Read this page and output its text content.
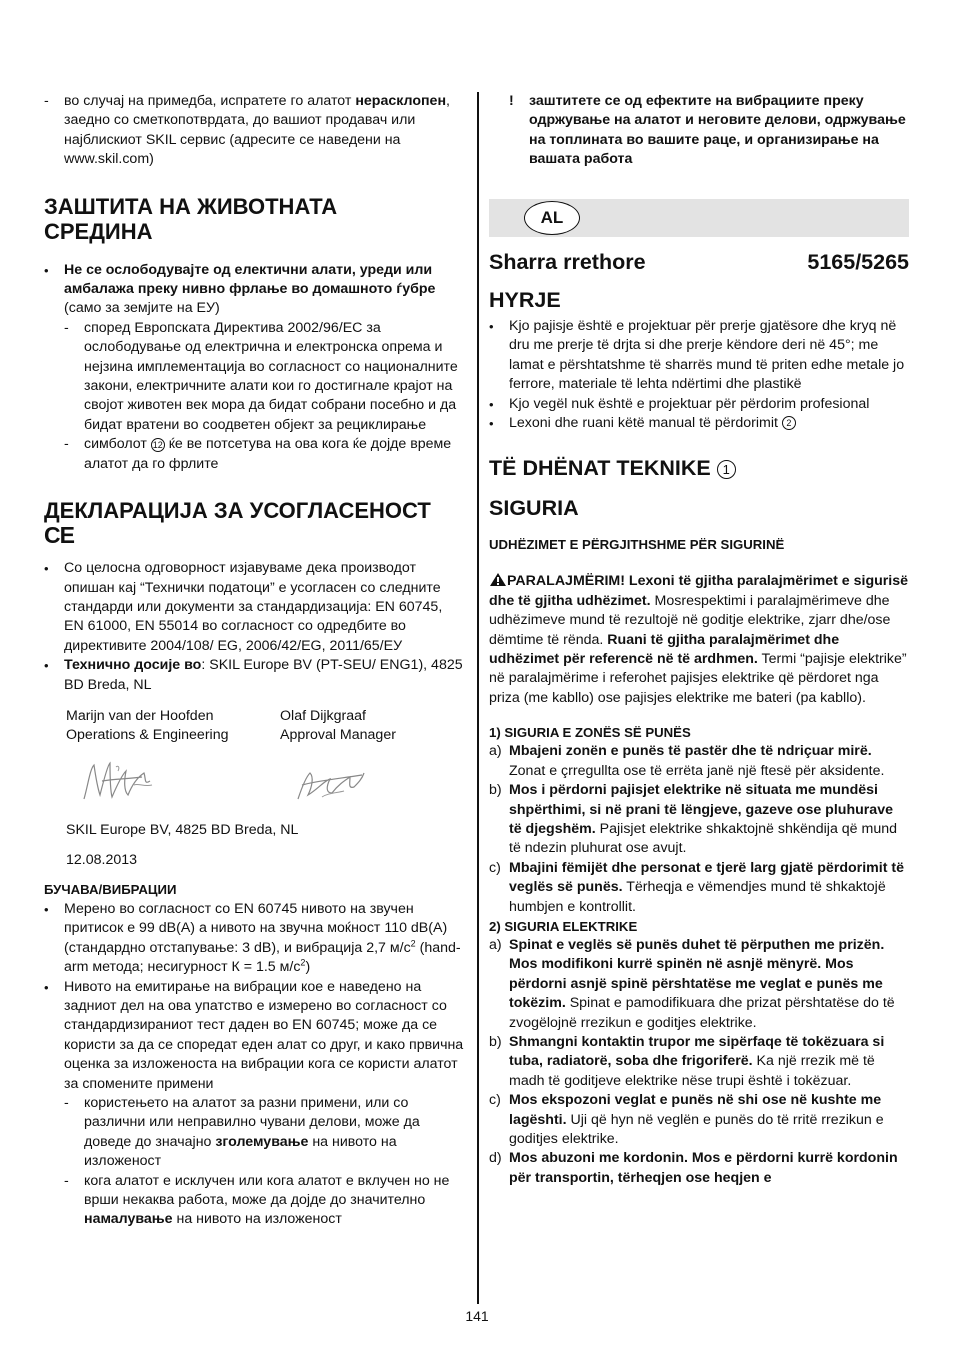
- во случај на примедба, испратете го алатот нерасклопен, заедно со сметкопотврдата, до вашиот продавач или најблискиот SKIL сервис (адресите се наведени на www.skil.com)

ЗАШТИТА НА ЖИВОТНАТА СРЕДИНА
• Не се ослободувајте од електични алати, уреди или амбалажа преку нивно фрлање во домашното ѓубре (само за земјите на ЕУ)

- според Европската Директива 2002/96/EC за ослободување од електрична и електронска опрема и нејзина имплементација во согласност со националните закони, електричните алати кои го достигнале крајот на својот животен век мора да бидат собрани посебно и да бидат вратени во соодветен објект за рециклирање

- симболот 12 ќе ве потсетува на ова кога ќе дојде време алатот да го фрлите

ДЕКЛАРАЦИЈА ЗА УСОГЛАСЕНОСТ
CE
• Со целосна одговорност изјавуваме дека производот опишан кај “Технички податоци” е усогласен со следните стандарди или документи за стандардизација: EN 60745, EN 61000, EN 55014 во согласност со одредбите во директивите 2004/108/ EG, 2006/42/EG, 2011/65/ЕУ

• Технично досије во: SKIL Europe BV (PT-SEU/ ENG1), 4825 BD Breda, NL

Marijn van der Hoofden

Operations & Engineering

Olaf Dijkgraaf

Approval Manager

SKIL Europe BV, 4825 BD Breda, NL

12.08.2013

БУЧАВА/ВИБРАЦИИ
• Мерено во согласност со EN 60745 нивото на звучен притисок е 99 dB(A) а нивото на звучна моќност 110 dB(A) (стандардно отстапување: 3 dB), и вибрација 2,7 $м/с^2$ (hand-arm метода; несигурност К = 1.5 $м/с^2$)

• Нивото на емитирање на вибрации кое е наведено на задниот дел на ова упатство е измерено во согласност со стандардизираниот тест даден во EN 60745; може да се користи за да се споредат еден алат со друг, и како првична оценка за изложеноста на вибрации кога се користи алатот за спомените примени

- користењето на алатот за разни примени, или со различни или неправилно чувани делови, може да доведе до значајно зголемување на нивото на изложеност

- кога алатот е исклучен или кога алатот е вклучен но не врши некаква работа, може да дојде до значително намалување на нивото на изложеност

! заштитете се од ефектите на вибрациите преку одржување на алатот и неговите делови, одржување на топлината во вашите раце, и организирање на вашата работа

AL
Sharra rrethore	5165/5265
HYRJE
• Kjo pajisje është e projektuar për prerje gjatësore dhe kryq në dru me prerje të drjta si dhe prerje këndore deri në 45°; me lamat e përshtatshme të sharrës mund të priten edhe metale jo ferrore, materiale të lehta ndërtimi dhe plastikë

• Kjo vegël nuk është e projektuar për përdorim profesional

• Lexoni dhe ruani këtë manual të përdorimit 2

TË DHËNAT TEKNIKE 1
SIGURIA
UDHËZIMET E PËRGJITHSHME PËR SIGURINË

PARALAJMËRIM! Lexoni të gjitha paralajmërimet e sigurisë dhe të gjitha udhëzimet. Mosrespektimi i paralajmërimeve dhe udhëzimeve mund të rezultojë në goditje elektrike, zjarr dhe/ose dëmtime të rënda. Ruani të gjitha paralajmërimet dhe udhëzimet për referencë në të ardhmen. Termi “pajisje elektrike” në paralajmërime i referohet pajisjes elektrike që përdoret nga priza (me kabllo) ose pajisjes elektrike me bateri (pa kabllo).

1) SIGURIA E ZONËS SË PUNËS
a) Mbajeni zonën e punës të pastër dhe të ndriçuar mirë. Zonat e çrregullta ose të errëta janë një ftesë për aksidente.

b) Mos i përdorni pajisjet elektrike në situata me mundësi shpërthimi, si në prani të lëngjeve, gazeve ose pluhurave të djegshëm. Pajisjet elektrike shkaktojnë shkëndija që mund të ndezin pluhurat ose avujt.

c) Mbajini fëmijët dhe personat e tjerë larg gjatë përdorimit të veglës së punës. Tërheqja e vëmendjes mund të shkaktojë humbjen e kontrollit.

2) SIGURIA ELEKTRIKE
a) Spinat e veglës së punës duhet të përputhen me prizën. Mos modifikoni kurrë spinën në asnjë mënyrë. Mos përdorni asnjë spinë përshtatëse me veglat e punës me tokëzim. Spinat e pamodifikuara dhe prizat përshtatëse do të zvogëlojnë rrezikun e goditjes elektrike.

b) Shmangni kontaktin trupor me sipërfaqe të tokëzuara si tuba, radiatorë, soba dhe frigoriferë. Ka një rrezik më të madh të goditjeve elektrike nëse trupi është i tokëzuar.

c) Mos ekspozoni veglat e punës në shi ose në kushte me lagështi. Uji që hyn në veglën e punës do të rritë rrezikun e goditjes elektrike.

d) Mos abuzoni me kordonin. Mos e përdorni kurrë kordonin për transportin, tërheqjen ose heqjen e

141
